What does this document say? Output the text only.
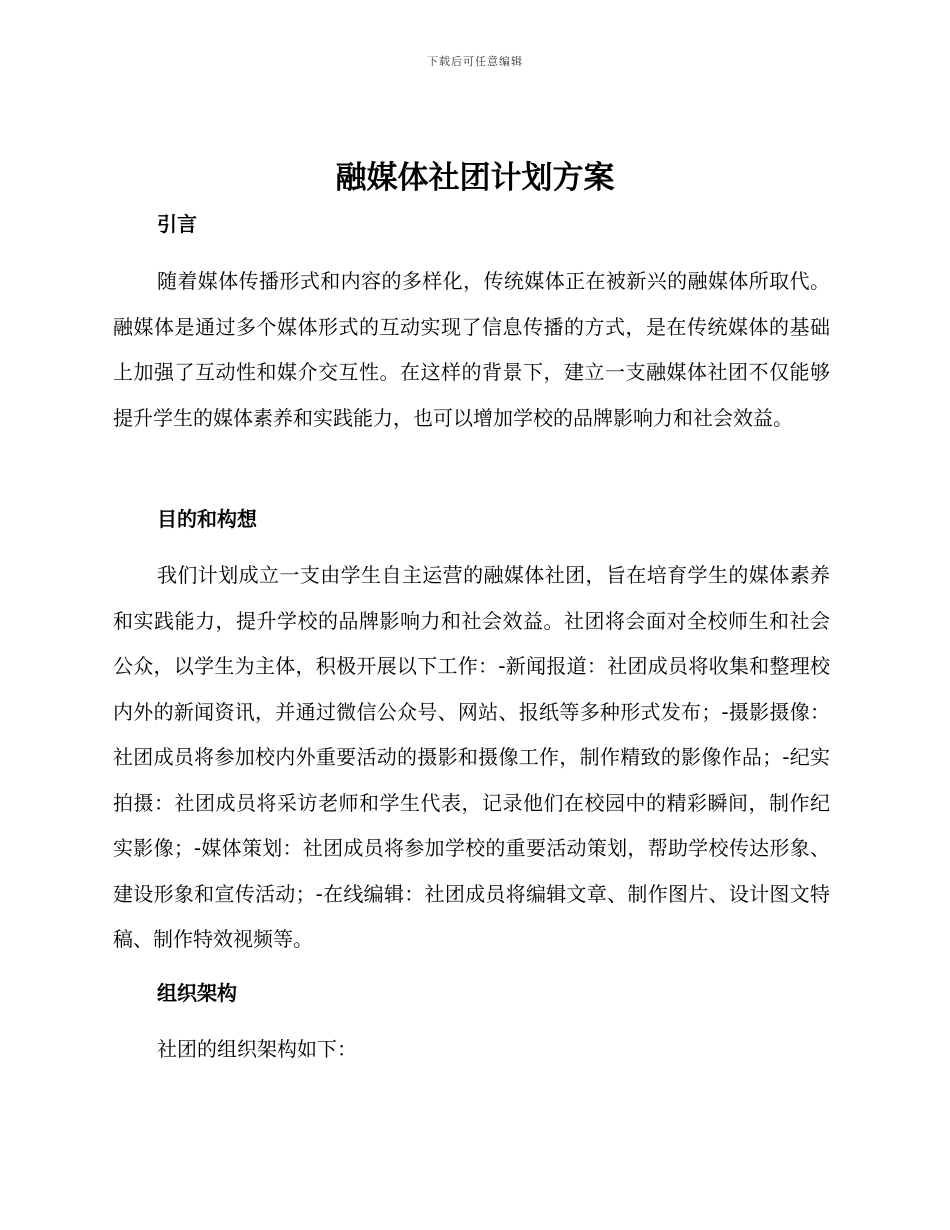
下载后可任意编辑
融媒体社团计划方案
引言

随着媒体传播形式和内容的多样化，传统媒体正在被新兴的融媒体所取代。融媒体是通过多个媒体形式的互动实现了信息传播的方式，是在传统媒体的基础上加强了互动性和媒介交互性。在这样的背景下，建立一支融媒体社团不仅能够提升学生的媒体素养和实践能力，也可以增加学校的品牌影响力和社会效益。

目的和构想

我们计划成立一支由学生自主运营的融媒体社团，旨在培育学生的媒体素养和实践能力，提升学校的品牌影响力和社会效益。社团将会面对全校师生和社会公众，以学生为主体，积极开展以下工作：-新闻报道：社团成员将收集和整理校内外的新闻资讯，并通过微信公众号、网站、报纸等多种形式发布；-摄影摄像：社团成员将参加校内外重要活动的摄影和摄像工作，制作精致的影像作品；-纪实拍摄：社团成员将采访老师和学生代表，记录他们在校园中的精彩瞬间，制作纪实影像；-媒体策划：社团成员将参加学校的重要活动策划，帮助学校传达形象、建设形象和宣传活动；-在线编辑：社团成员将编辑文章、制作图片、设计图文特稿、制作特效视频等。

组织架构

社团的组织架构如下：
